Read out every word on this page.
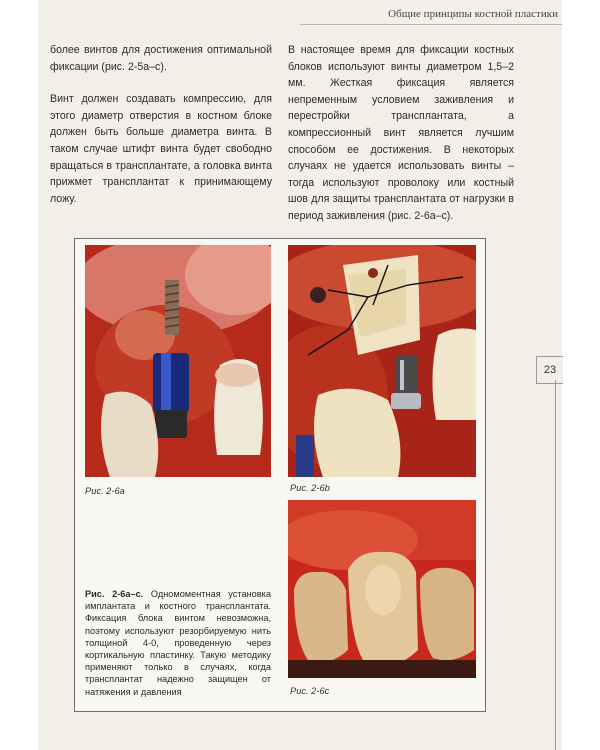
Общие принципы костной пластики

более винтов для достижения оптимальной фиксации (рис. 2-5a–c).

Винт должен создавать компрессию, для этого диаметр отверстия в костном блоке должен быть больше диаметра винта. В таком случае штифт винта будет свободно вращаться в трансплантате, а головка винта прижмет трансплантат к принимающему ложу.

В настоящее время для фиксации костных блоков используют винты диаметром 1,5–2 мм. Жесткая фиксация является непременным условием заживления и перестройки трансплантата, а компрессионный винт является лучшим способом ее достижения. В некоторых случаях не удается использовать винты – тогда используют проволоку или костный шов для защиты трансплантата от нагрузки в период заживления (рис. 2-6a–c).

Рис. 2-6a	Рис. 2-6b
Рис. 2-6c
Рис. 2-6a–c. Одномоментная установка имплантата и костного трансплантата. Фиксация блока винтом невозможна, поэтому используют резорбируемую нить толщиной 4-0, проведенную через кортикальную пластинку. Такую методику применяют только в случаях, когда трансплантат надежно защищен от натяжения и давления
23
